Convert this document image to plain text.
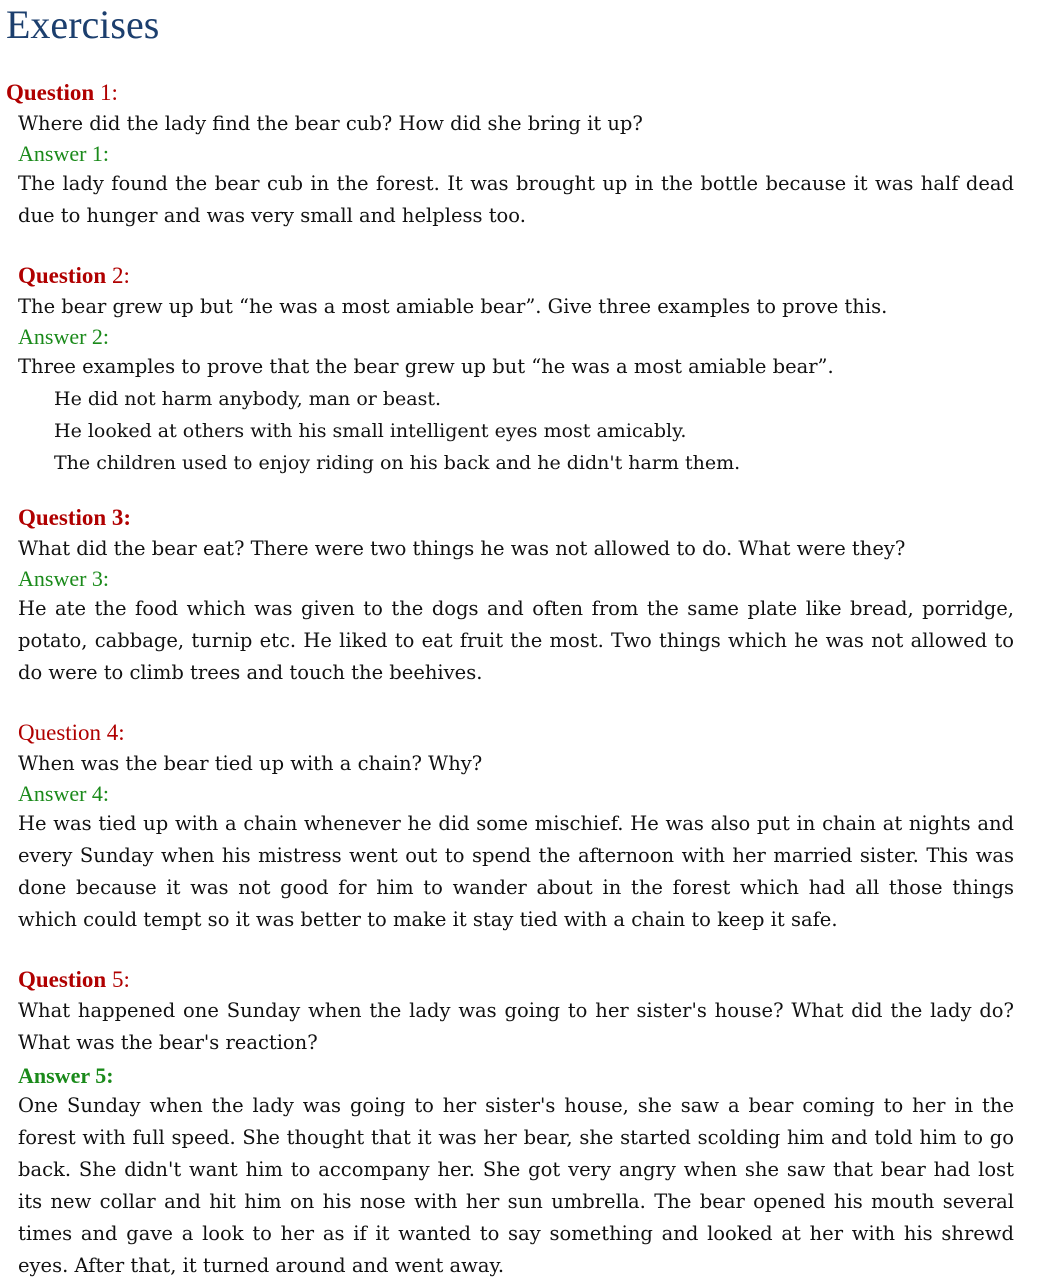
Exercises
Question 1:

Where did the lady find the bear cub? How did she bring it up?

Answer 1:

The lady found the bear cub in the forest. It was brought up in the bottle because it was half dead due to hunger and was very small and helpless too.

Question 2:

The bear grew up but “he was a most amiable bear”. Give three examples to prove this.

Answer 2:

Three examples to prove that the bear grew up but “he was a most amiable bear”.

He did not harm anybody, man or beast.
He looked at others with his small intelligent eyes most amicably.
The children used to enjoy riding on his back and he didn't harm them.
Question 3:

What did the bear eat? There were two things he was not allowed to do. What were they?

Answer 3:

He ate the food which was given to the dogs and often from the same plate like bread, porridge, potato, cabbage, turnip etc. He liked to eat fruit the most. Two things which he was not allowed to do were to climb trees and touch the beehives.

Question 4:

When was the bear tied up with a chain? Why?

Answer 4:

He was tied up with a chain whenever he did some mischief. He was also put in chain at nights and every Sunday when his mistress went out to spend the afternoon with her married sister. This was done because it was not good for him to wander about in the forest which had all those things which could tempt so it was better to make it stay tied with a chain to keep it safe.

Question 5:

What happened one Sunday when the lady was going to her sister's house? What did the lady do? What was the bear's reaction?

Answer 5:

One Sunday when the lady was going to her sister's house, she saw a bear coming to her in the forest with full speed. She thought that it was her bear, she started scolding him and told him to go back. She didn't want him to accompany her. She got very angry when she saw that bear had lost its new collar and hit him on his nose with her sun umbrella. The bear opened his mouth several times and gave a look to her as if it wanted to say something and looked at her with his shrewd eyes. After that, it turned around and went away.
